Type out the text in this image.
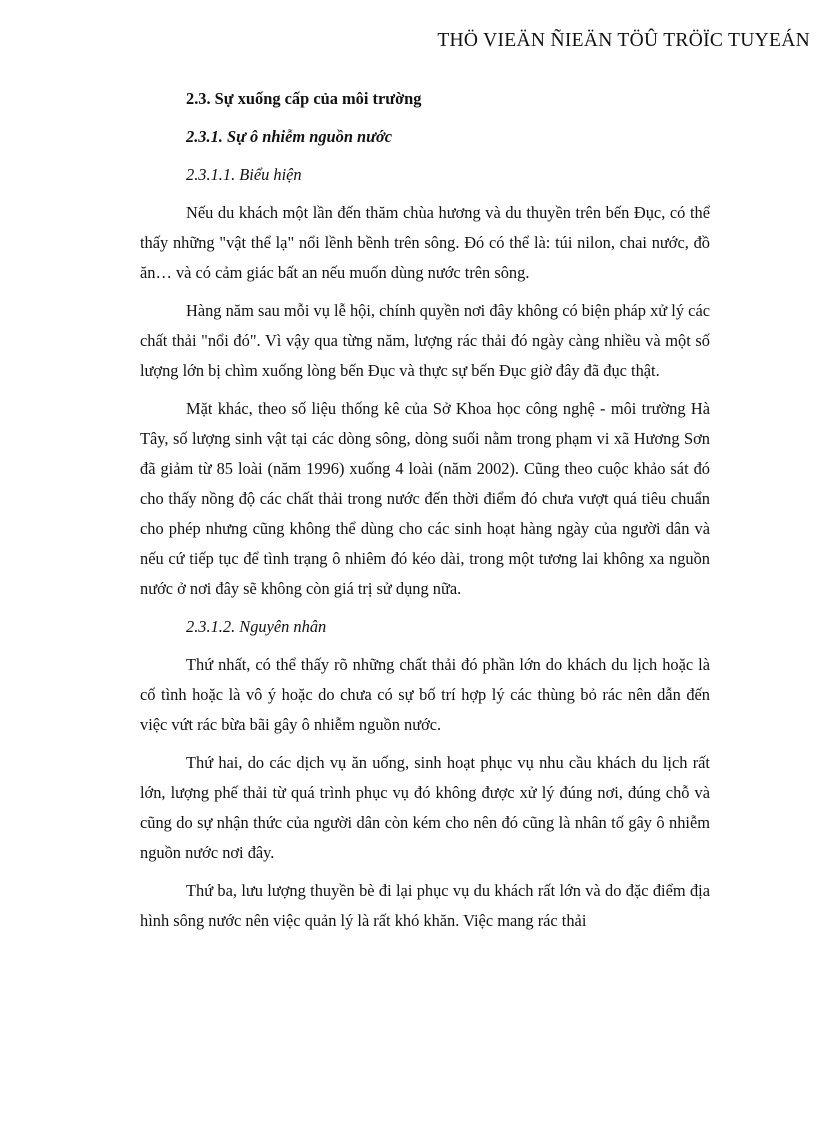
THÖ VIEÄN ÑIEÄN TÖÛ TRÖÏC TUYEÁN
2.3. Sự xuống cấp của môi trường
2.3.1. Sự ô nhiễm nguồn nước
2.3.1.1. Biểu hiện

Nếu du khách một lần đến thăm chùa hương và du thuyền trên bến Đục, có thể thấy những "vật thể lạ" nổi lềnh bềnh trên sông. Đó có thể là: túi nilon, chai nước, đồ ăn… và có cảm giác bất an nếu muốn dùng nước trên sông.

Hàng năm sau mỗi vụ lễ hội, chính quyền nơi đây không có biện pháp xử lý các chất thải "nổi đó". Vì vậy qua từng năm, lượng rác thải đó ngày càng nhiều và một số lượng lớn bị chìm xuống lòng bến Đục và thực sự bến Đục giờ đây đã đục thật.

Mặt khác, theo số liệu thống kê của Sở Khoa học công nghệ - môi trường Hà Tây, số lượng sinh vật tại các dòng sông, dòng suối nằm trong phạm vi xã Hương Sơn đã giảm từ 85 loài (năm 1996) xuống 4 loài (năm 2002). Cũng theo cuộc khảo sát đó cho thấy nồng độ các chất thải trong nước đến thời điểm đó chưa vượt quá tiêu chuẩn cho phép nhưng cũng không thể dùng cho các sinh hoạt hàng ngày của người dân và nếu cứ tiếp tục để tình trạng ô nhiêm đó kéo dài, trong một tương lai không xa nguồn nước ở nơi đây sẽ không còn giá trị sử dụng nữa.

2.3.1.2. Nguyên nhân

Thứ nhất, có thể thấy rõ những chất thải đó phần lớn do khách du lịch hoặc là cố tình hoặc là vô ý hoặc do chưa có sự bố trí hợp lý các thùng bỏ rác nên dẫn đến việc vứt rác bừa bãi gây ô nhiễm nguồn nước.

Thứ hai, do các dịch vụ ăn uống, sinh hoạt phục vụ nhu cầu khách du lịch rất lớn, lượng phế thải từ quá trình phục vụ đó không được xử lý đúng nơi, đúng chỗ và cũng do sự nhận thức của người dân còn kém cho nên đó cũng là nhân tố gây ô nhiễm nguồn nước nơi đây.

Thứ ba, lưu lượng thuyền bè đi lại phục vụ du khách rất lớn và do đặc điểm địa hình sông nước nên việc quản lý là rất khó khăn. Việc mang rác thải
